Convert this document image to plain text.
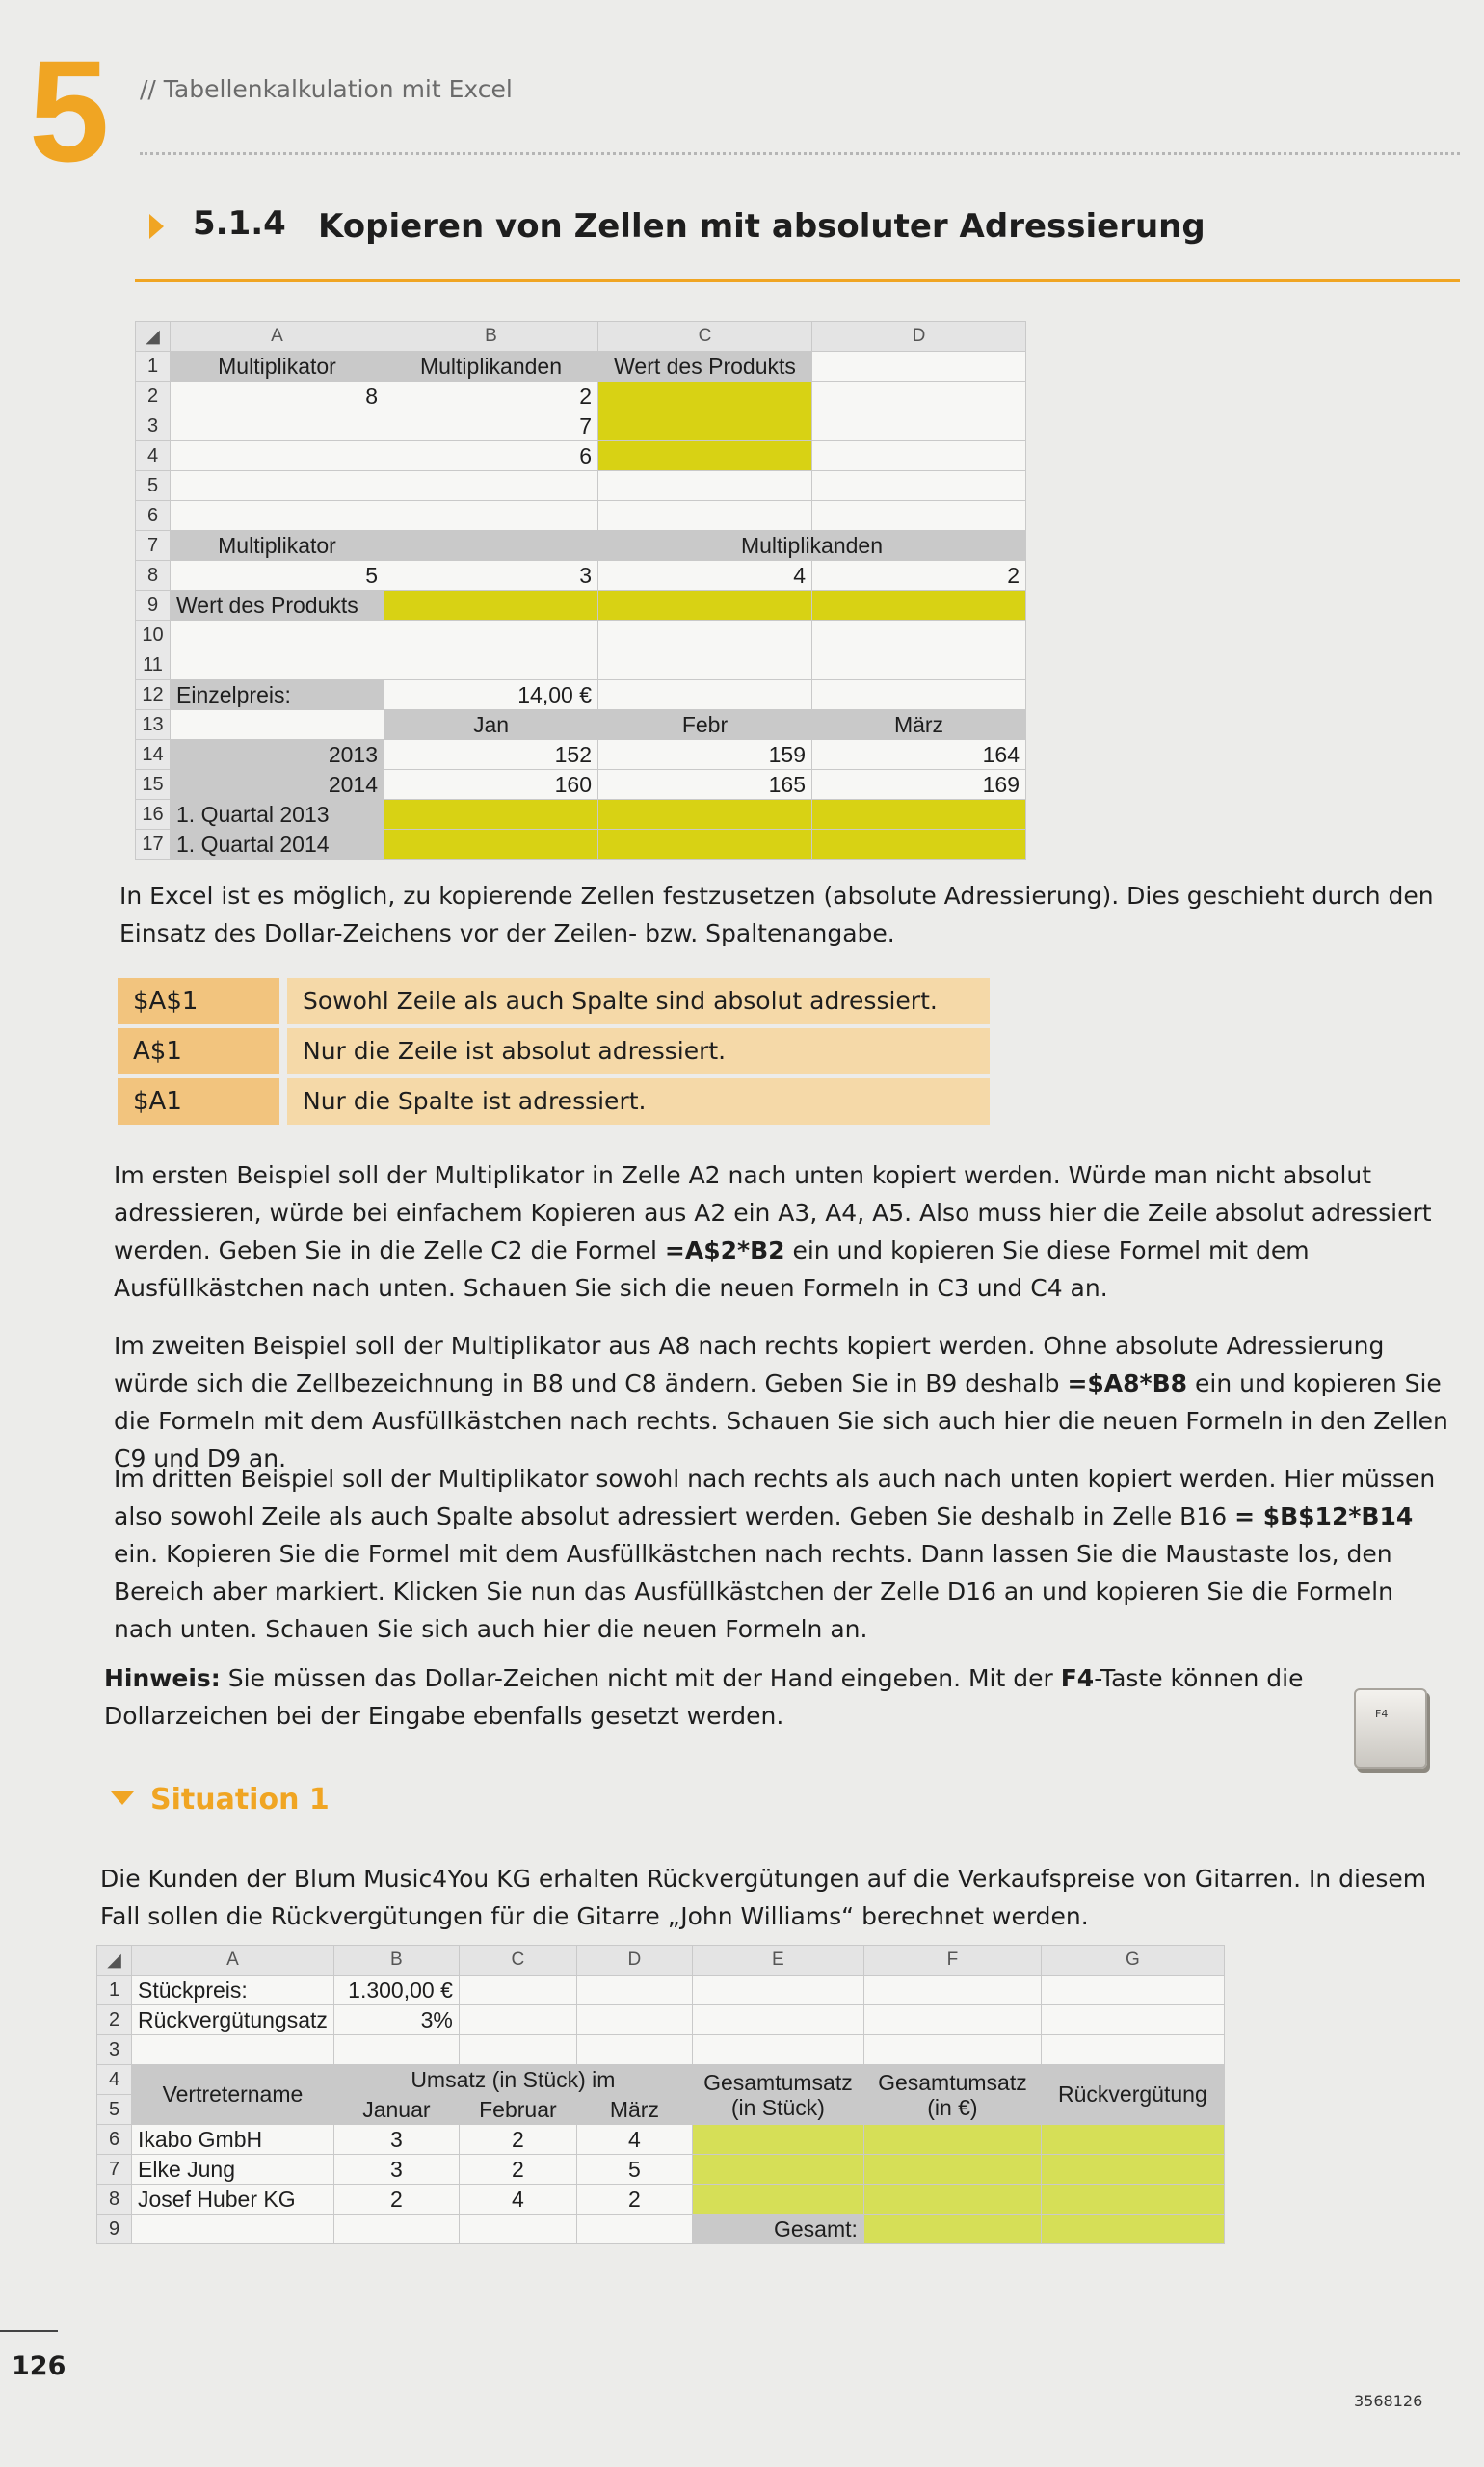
5 // Tabellenkalkulation mit Excel
5.1.4 Kopieren von Zellen mit absoluter Adressierung
◢	A	B	C	D
1	Multiplikator	Multiplikanden	Wert des Produkts	
2	8	2		
3		7		
4		6		
5				
6				
7	Multiplikator		Multiplikanden	
8	5	3	4	2
9	Wert des Produkts			
10				
11				
12	Einzelpreis:	14,00 €		
13		Jan	Febr	März
14	2013	152	159	164
15	2014	160	165	169
16	1. Quartal 2013			
17	1. Quartal 2014			
In Excel ist es möglich, zu kopierende Zellen festzusetzen (absolute Adressierung). Dies geschieht durch den Einsatz des Dollar-Zeichens vor der Zeilen- bzw. Spaltenangabe.
$A$1	Sowohl Zeile als auch Spalte sind absolut adressiert.
A$1	Nur die Zeile ist absolut adressiert.
$A1	Nur die Spalte ist adressiert.
Im ersten Beispiel soll der Multiplikator in Zelle A2 nach unten kopiert werden. Würde man nicht absolut adressieren, würde bei einfachem Kopieren aus A2 ein A3, A4, A5. Also muss hier die Zeile absolut adressiert werden. Geben Sie in die Zelle C2 die Formel =A$2*B2 ein und kopieren Sie diese Formel mit dem Ausfüllkästchen nach unten. Schauen Sie sich die neuen Formeln in C3 und C4 an.
Im zweiten Beispiel soll der Multiplikator aus A8 nach rechts kopiert werden. Ohne absolute Adressierung würde sich die Zellbezeichnung in B8 und C8 ändern. Geben Sie in B9 deshalb =$A8*B8 ein und kopieren Sie die Formeln mit dem Ausfüllkästchen nach rechts. Schauen Sie sich auch hier die neuen Formeln in den Zellen C9 und D9 an.
Im dritten Beispiel soll der Multiplikator sowohl nach rechts als auch nach unten kopiert werden. Hier müssen also sowohl Zeile als auch Spalte absolut adressiert werden. Geben Sie deshalb in Zelle B16 = $B$12*B14 ein. Kopieren Sie die Formel mit dem Ausfüllkästchen nach rechts. Dann lassen Sie die Maustaste los, den Bereich aber markiert. Klicken Sie nun das Ausfüllkästchen der Zelle D16 an und kopieren Sie die Formeln nach unten. Schauen Sie sich auch hier die neuen Formeln an.
Hinweis: Sie müssen das Dollar-Zeichen nicht mit der Hand eingeben. Mit der F4-Taste können die Dollarzeichen bei der Eingabe ebenfalls gesetzt werden.	F4
Situation 1
Die Kunden der Blum Music4You KG erhalten Rückvergütungen auf die Verkaufspreise von Gitarren. In diesem Fall sollen die Rückvergütungen für die Gitarre „John Williams“ berechnet werden.
◢	A	B	C	D	E	F	G
1	Stückpreis:	1.300,00 €					
2	Rückvergütungsatz	3%					
3							
4	Vertretername	Umsatz (in Stück) im			Gesamtumsatz (in Stück)	Gesamtumsatz (in €)	Rückvergütung
5		Januar	Februar	März			
6	Ikabo GmbH	3	2	4			
7	Elke Jung	3	2	5			
8	Josef Huber KG	2	4	2			
9					Gesamt:		
126
3568126
